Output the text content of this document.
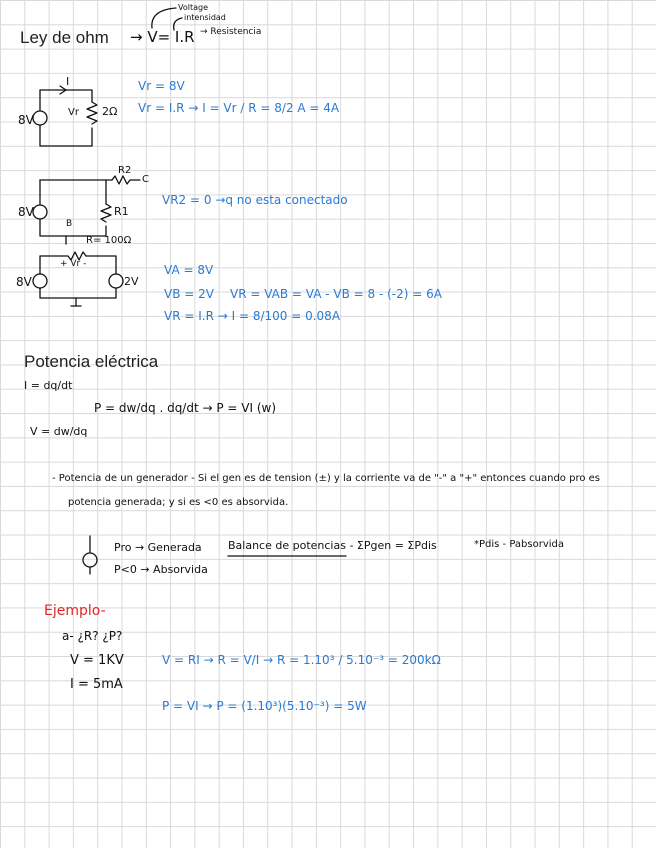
Ley de ohm → V= I.R
Voltage
intensidad
→ Resistencia
8V
I
Vr 2Ω
Vr = 8V
Vr = I.R → I = Vr / R = 8/2 A = 4A
8V
R2
C
R1
B
VR2 = 0 →q no esta conectado
8V
R= 100Ω
+ Vr -
2V
VA = 8V
VB = 2V VR = VAB = VA - VB = 8 - (-2) = 6A
VR = I.R → I = 8/100 = 0.08A
Potencia eléctrica
I = dq/dt
V = dw/dq
P = dw/dq . dq/dt → P = VI (w)
- Potencia de un generador - Si el gen es de tension (±) y la corriente va de "-" a "+" entonces cuando pro es
potencia generada; y si es <0 es absorvida.
Pro → Generada
P<0 → Absorvida
Balance de potencias - ΣPgen = ΣPdis	*Pdis - Pabsorvida
Ejemplo-
a- ¿R? ¿P?
V = 1KV
I = 5mA
V = RI → R = V/I → R = 1.10³ / 5.10⁻³ = 200kΩ
P = VI → P = (1.10³)(5.10⁻³) = 5W
